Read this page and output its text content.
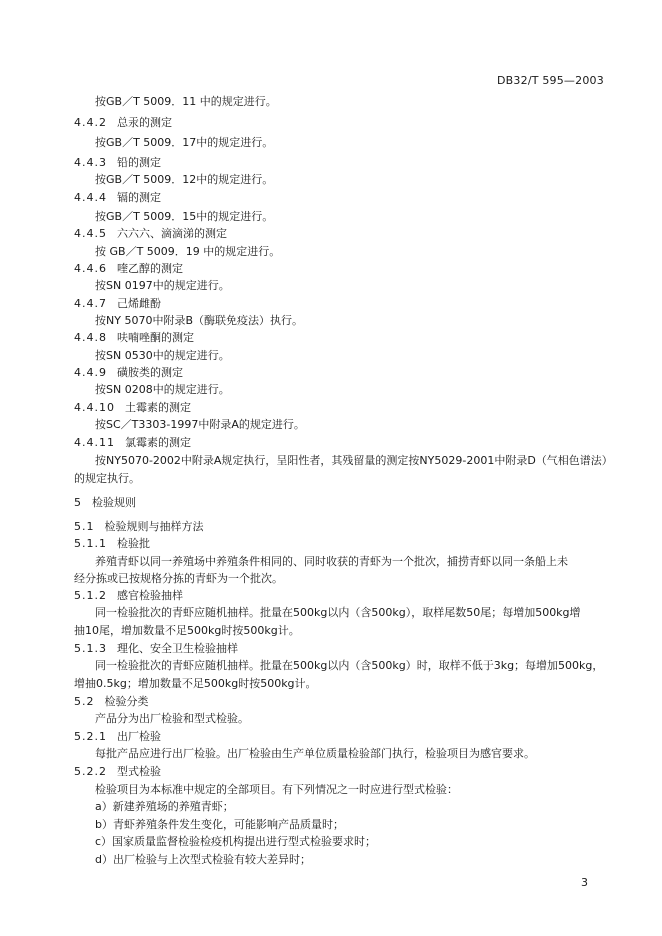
DB32/T 595—2003
按GB／T 5009．11 中的规定进行。
4.4.2 总汞的测定
按GB／T 5009．17中的规定进行。
4.4.3 铅的测定
按GB／T 5009．12中的规定进行。
4.4.4 镉的测定
按GB／T 5009．15中的规定进行。
4.4.5 六六六、滴滴涕的测定
按 GB／T 5009．19 中的规定进行。
4.4.6 喹乙醇的测定
按SN 0197中的规定进行。
4.4.7 己烯雌酚
按NY 5070中附录B（酶联免疫法）执行。
4.4.8 呋喃唑酮的测定
按SN 0530中的规定进行。
4.4.9 磺胺类的测定
按SN 0208中的规定进行。
4.4.10 土霉素的测定
按SC／T3303-1997中附录A的规定进行。
4.4.11 氯霉素的测定
按NY5070-2002中附录A规定执行，呈阳性者，其残留量的测定按NY5029-2001中附录D（气相色谱法）
的规定执行。
5 检验规则
5.1 检验规则与抽样方法
5.1.1 检验批
养殖青虾以同一养殖场中养殖条件相同的、同时收获的青虾为一个批次，捕捞青虾以同一条船上未
经分拣或已按规格分拣的青虾为一个批次。
5.1.2 感官检验抽样
同一检验批次的青虾应随机抽样。批量在500kg以内（含500kg），取样尾数50尾；每增加500kg增
抽10尾，增加数量不足500kg时按500kg计。
5.1.3 理化、安全卫生检验抽样
同一检验批次的青虾应随机抽样。批量在500kg以内（含500kg）时，取样不低于3kg；每增加500kg，
增抽0.5kg；增加数量不足500kg时按500kg计。
5.2 检验分类
产品分为出厂检验和型式检验。
5.2.1 出厂检验
每批产品应进行出厂检验。出厂检验由生产单位质量检验部门执行，检验项目为感官要求。
5.2.2 型式检验
检验项目为本标准中规定的全部项目。有下列情况之一时应进行型式检验：
a）新建养殖场的养殖青虾；
b）青虾养殖条件发生变化，可能影响产品质量时；
c）国家质量监督检验检疫机构提出进行型式检验要求时；
d）出厂检验与上次型式检验有较大差异时；
3
